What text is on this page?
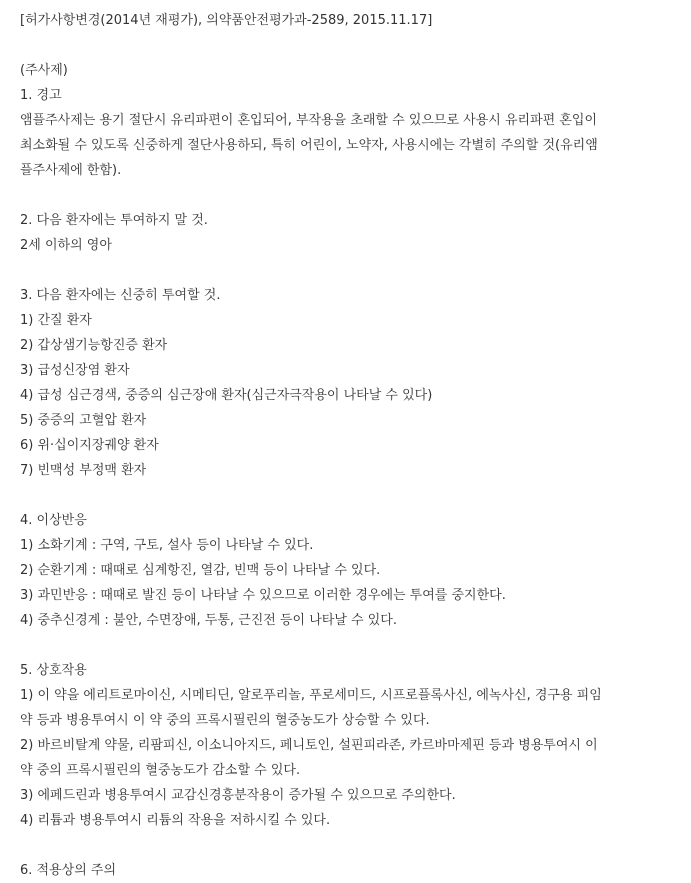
[허가사항변경(2014년 재평가), 의약품안전평가과-2589, 2015.11.17]
(주사제)
1. 경고
앰플주사제는 용기 절단시 유리파편이 혼입되어, 부작용을 초래할 수 있으므로 사용시 유리파편 혼입이
최소화될 수 있도록 신중하게 절단사용하되, 특히 어린이, 노약자, 사용시에는 각별히 주의할 것(유리앰
플주사제에 한함).
2. 다음 환자에는 투여하지 말 것.
2세 이하의 영아
3. 다음 환자에는 신중히 투여할 것.
1) 간질 환자
2) 갑상샘기능항진증 환자
3) 급성신장염 환자
4) 급성 심근경색, 중증의 심근장애 환자(심근자극작용이 나타날 수 있다)
5) 중증의 고혈압 환자
6) 위·십이지장궤양 환자
7) 빈맥성 부정맥 환자
4. 이상반응
1) 소화기계 : 구역, 구토, 설사 등이 나타날 수 있다.
2) 순환기계 : 때때로 심계항진, 열감, 빈맥 등이 나타날 수 있다.
3) 과민반응 : 때때로 발진 등이 나타날 수 있으므로 이러한 경우에는 투여를 중지한다.
4) 중추신경계 : 불안, 수면장애, 두통, 근진전 등이 나타날 수 있다.
5. 상호작용
1) 이 약을 에리트로마이신, 시메티딘, 알로푸리놀, 푸로세미드, 시프로플록사신, 에녹사신, 경구용 피임
약 등과 병용투여시 이 약 중의 프록시필린의 혈중농도가 상승할 수 있다.
2) 바르비탈계 약물, 리팜피신, 이소니아지드, 페니토인, 설핀피라존, 카르바마제핀 등과 병용투여시 이
약 중의 프록시필린의 혈중농도가 감소할 수 있다.
3) 에페드린과 병용투여시 교감신경흥분작용이 증가될 수 있으므로 주의한다.
4) 리튬과 병용투여시 리튬의 작용을 저하시킬 수 있다.
6. 적용상의 주의
